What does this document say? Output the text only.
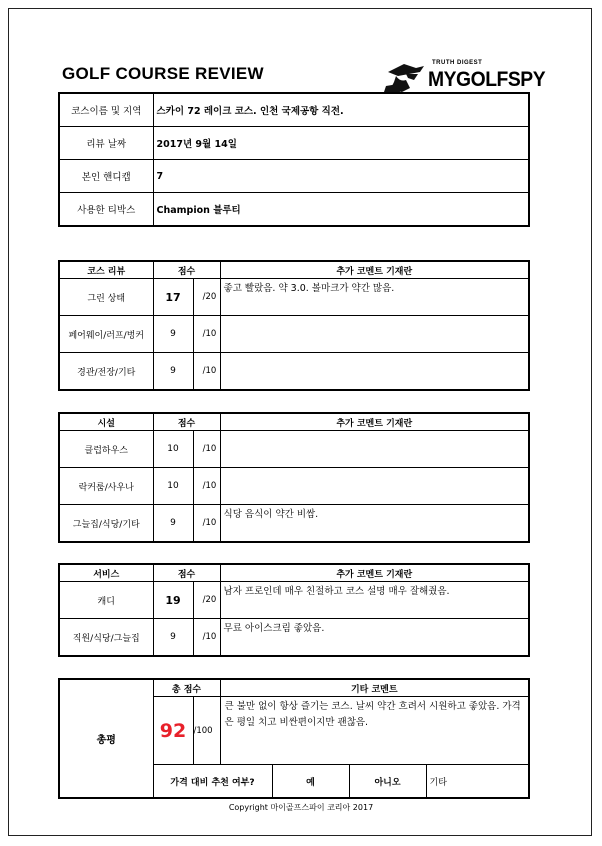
GOLF COURSE REVIEW
TRUTH DIGEST
MYGOLFSPY
코스이름 및 지역	스카이 72 레이크 코스. 인천 국제공항 직전.
리뷰 날짜	2017년 9월 14일
본인 핸디캡	7
사용한 티박스	Champion 블루티
코스 리뷰	점수		추가 코멘트 기재란
그린 상태	17	/20	좋고 빨랐음. 약 3.0. 볼마크가 약간 많음.
페어웨이/러프/벙커	9	/10	
경관/전장/기타	9	/10	
시설	점수		추가 코멘트 기재란
클럽하우스	10	/10	
락커룸/사우나	10	/10	
그늘집/식당/기타	9	/10	식당 음식이 약간 비쌈.
서비스	점수		추가 코멘트 기재란
캐디	19	/20	남자 프로인데 매우 친절하고 코스 설명 매우 잘해줬음.
직원/식당/그늘집	9	/10	무료 아이스크림 좋았음.
총평	총 점수		기타 코멘트			
	92	/100	큰 불만 없이 항상 즐기는 코스. 날씨 약간 흐려서 시원하고 좋았음. 가격은 평일 치고 비싼편이지만 괜찮음.			
	가격 대비 추천 여부?			예	아니오	기타
Copyright 마이골프스파이 코리아 2017
